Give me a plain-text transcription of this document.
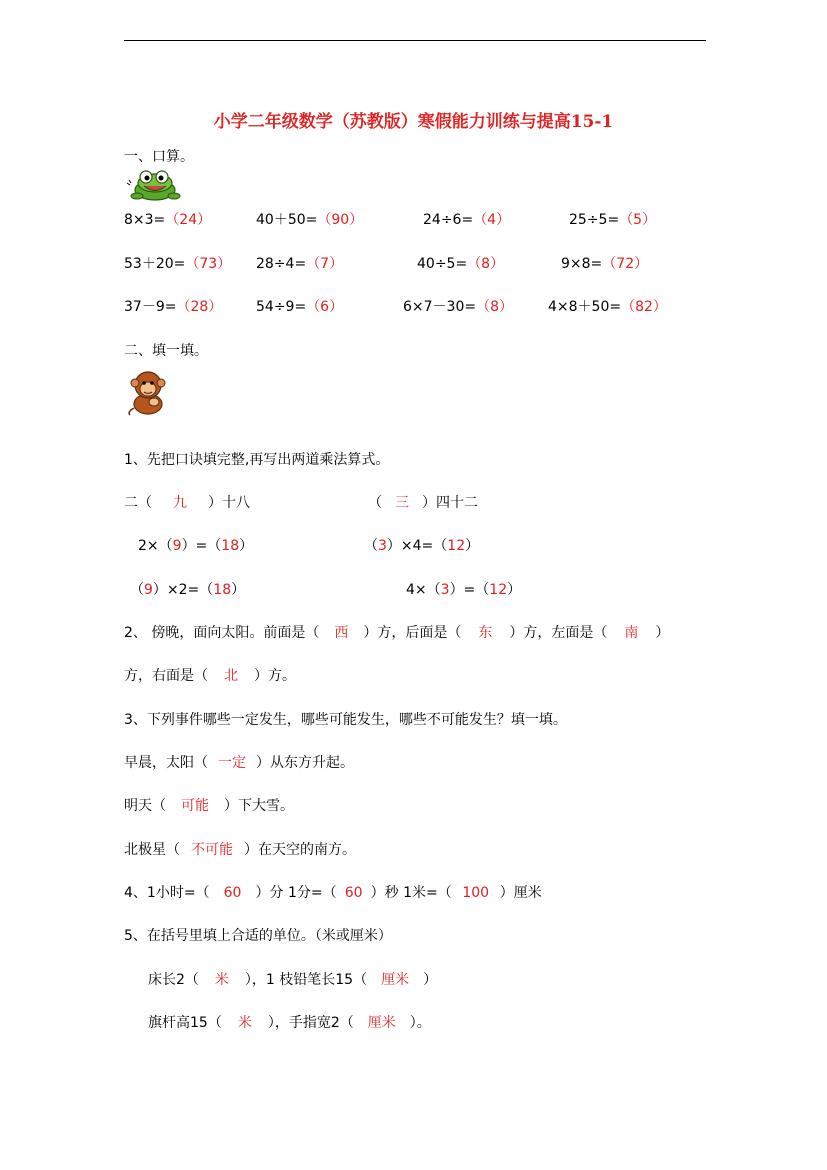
小学二年级数学（苏教版）寒假能力训练与提高15-1
一、口算。
8×3=（24）	40＋50=（90）	24÷6=（4）	25÷5=（5）
53＋20=（73） 28÷4=（7）	40÷5=（8）	9×8=（72）
37－9=（28） 54÷9=（6）	6×7－30=（8） 4×8＋50=（82）
二、填一填。
1、先把口诀填完整,再写出两道乘法算式。
二（ 九 ）十八	（ 三 ）四十二
2×（9）=（18）	（3）×4=（12）
（9）×2=（18）	4×（3）=（12）
2、 傍晚，面向太阳。前面是（ 西 ）方，后面是（ 东 ）方，左面是（ 南 ）
方，右面是（ 北 ）方。
3、下列事件哪些一定发生，哪些可能发生，哪些不可能发生？填一填。
早晨，太阳（ 一定 ）从东方升起。
明天（ 可能 ）下大雪。
北极星（ 不可能 ）在天空的南方。
4、1小时=（ 60 ）分 1分=（ 60 ）秒 1米=（ 100 ）厘米
5、在括号里填上合适的单位。（米或厘米）
床长2（ 米 ），1 枝铅笔长15（ 厘米 ）
旗杆高15（ 米 ），手指宽2（ 厘米 ）。
